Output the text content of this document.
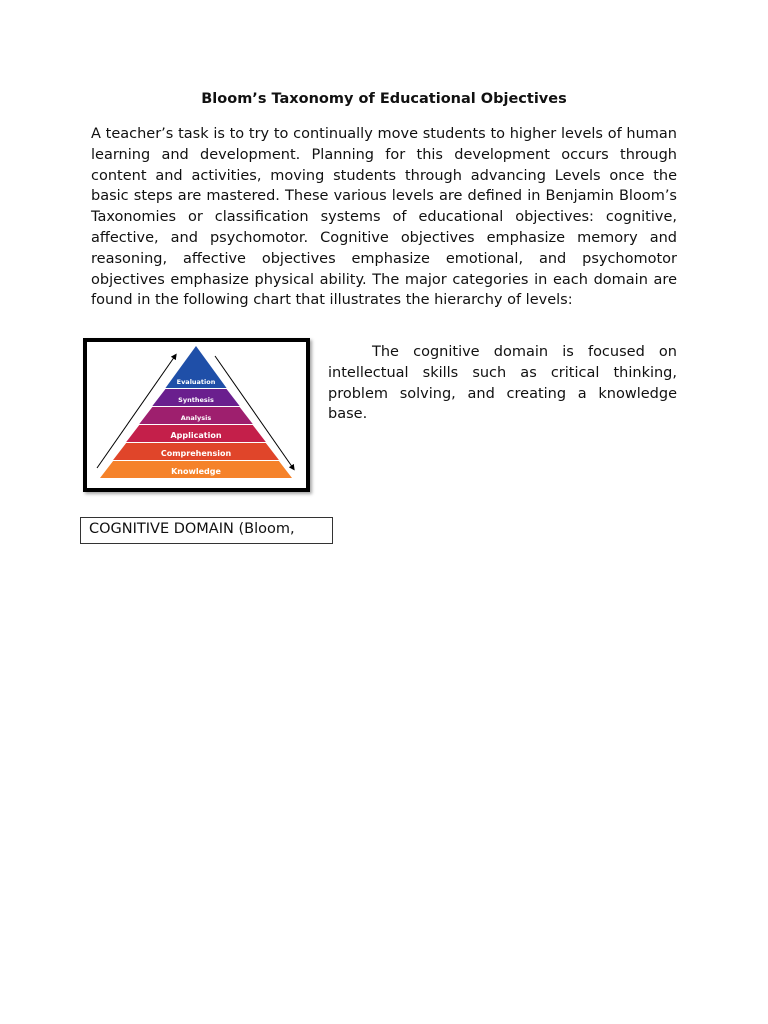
Bloom’s Taxonomy of Educational Objectives

A teacher’s task is to try to continually move students to higher levels of human learning and development. Planning for this development occurs through content and activities, moving students through advancing Levels once the basic steps are mastered. These various levels are defined in Benjamin Bloom’s Taxonomies or classification systems of educational objectives: cognitive, affective, and psychomotor. Cognitive objectives emphasize memory and reasoning, affective objectives emphasize emotional, and psychomotor objectives emphasize physical ability. The major categories in each domain are found in the following chart that illustrates the hierarchy of levels:

Evaluation
Synthesis
Analysis
Application
Comprehension
Knowledge

The cognitive domain is focused on intellectual skills such as critical thinking, problem solving, and creating a knowledge base.

COGNITIVE DOMAIN (Bloom,
